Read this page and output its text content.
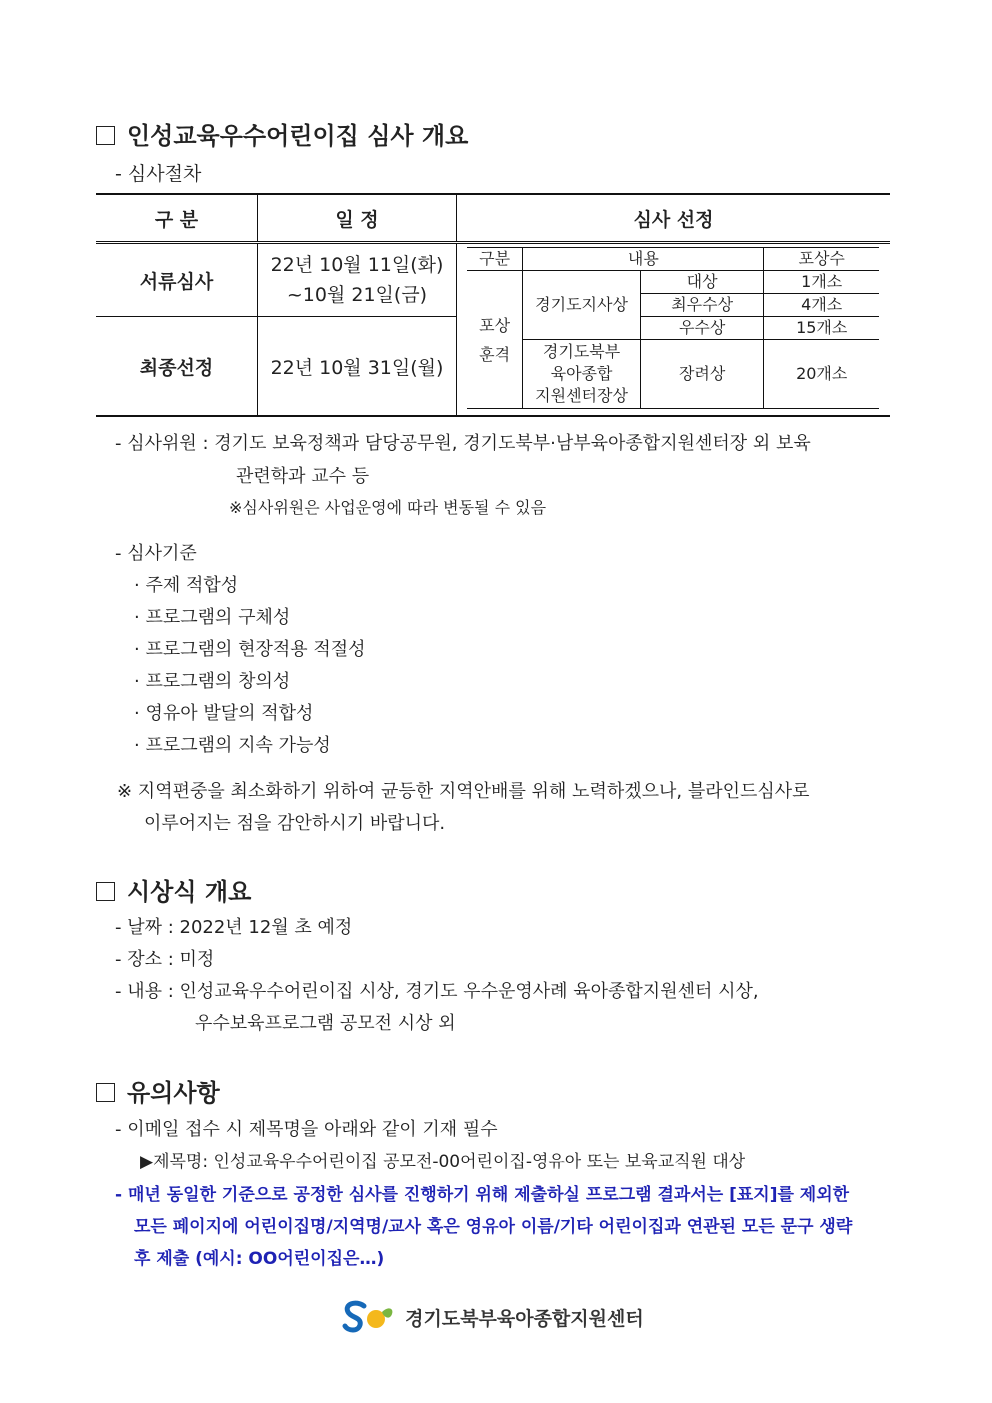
인성교육우수어린이집 심사 개요
- 심사절차
구 분	일 정	심사 선정
서류심사	22년 10월 11일(화)
~10월 21일(금)	

최종선정	22년 10월 31일(월)	
구분	내용		포상수

포상
훈격	경기도지사상	대상	1개소
		최우수상	4개소
		우수상	15개소

	경기도북부
육아종합
지원센터장상	장려상	20개소
- 심사위원 : 경기도 보육정책과 담당공무원, 경기도북부·남부육아종합지원센터장 외 보육
관련학과 교수 등
※심사위원은 사업운영에 따라 변동될 수 있음
- 심사기준
· 주제 적합성
· 프로그램의 구체성
· 프로그램의 현장적용 적절성
· 프로그램의 창의성
· 영유아 발달의 적합성
· 프로그램의 지속 가능성
※ 지역편중을 최소화하기 위하여 균등한 지역안배를 위해 노력하겠으나, 블라인드심사로
이루어지는 점을 감안하시기 바랍니다.
시상식 개요
- 날짜 : 2022년 12월 초 예정
- 장소 : 미정
- 내용 : 인성교육우수어린이집 시상, 경기도 우수운영사례 육아종합지원센터 시상,
우수보육프로그램 공모전 시상 외
유의사항
- 이메일 접수 시 제목명을 아래와 같이 기재 필수
▶제목명: 인성교육우수어린이집 공모전-00어린이집-영유아 또는 보육교직원 대상
- 매년 동일한 기준으로 공정한 심사를 진행하기 위해 제출하실 프로그램 결과서는 [표지]를 제외한
모든 페이지에 어린이집명/지역명/교사 혹은 영유아 이름/기타 어린이집과 연관된 모든 문구 생략
후 제출 (예시: OO어린이집은…)
경기도북부육아종합지원센터
